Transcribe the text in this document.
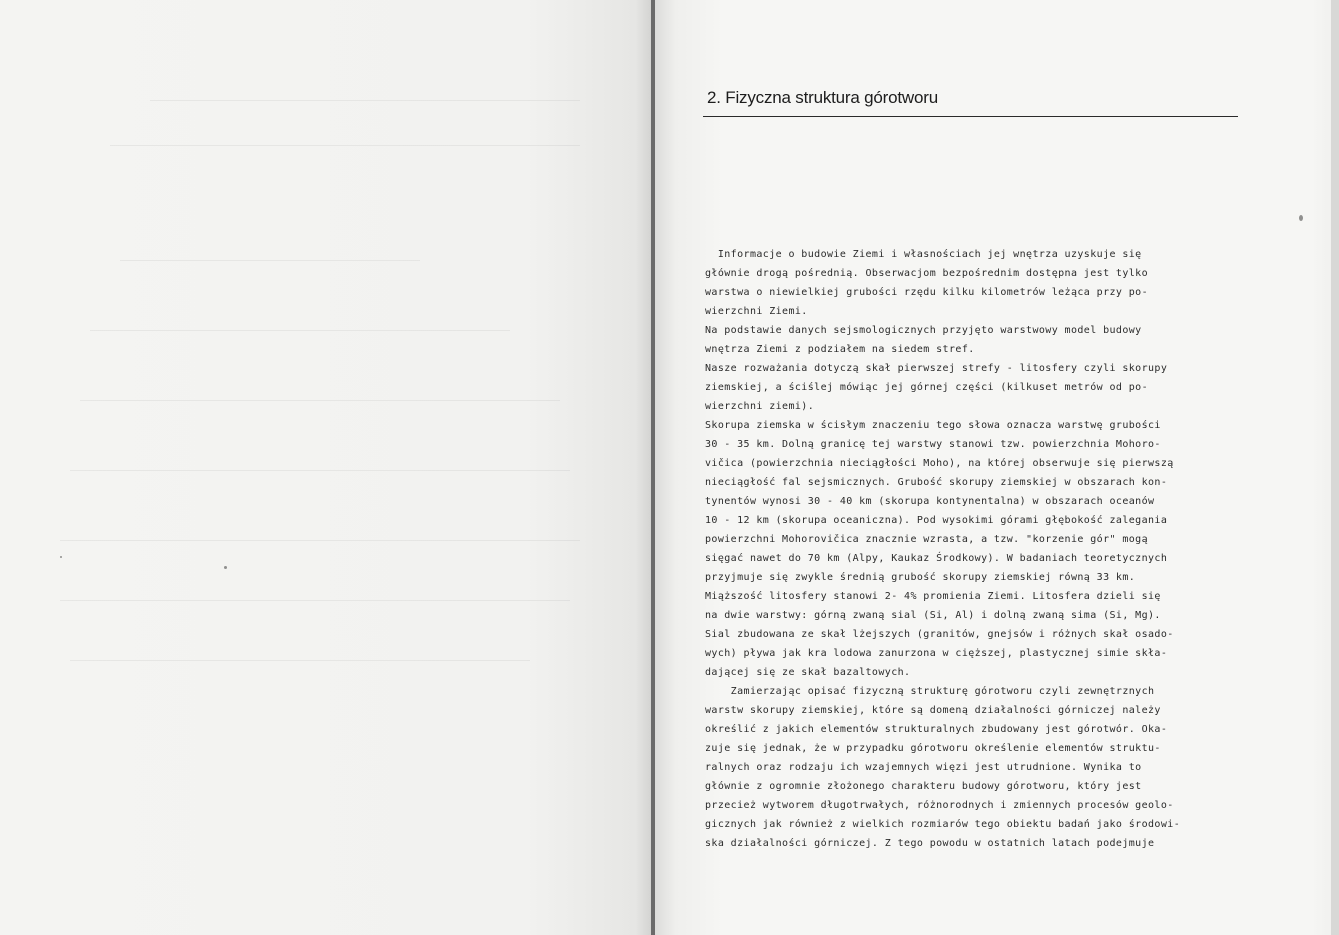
2. Fizyczna struktura górotworu
Informacje o budowie Ziemi i własnościach jej wnętrza uzyskuje się
głównie drogą pośrednią. Obserwacjom bezpośrednim dostępna jest tylko
warstwa o niewielkiej grubości rzędu kilku kilometrów leżąca przy po-
wierzchni Ziemi.
Na podstawie danych sejsmologicznych przyjęto warstwowy model budowy
wnętrza Ziemi z podziałem na siedem stref.
Nasze rozważania dotyczą skał pierwszej strefy - litosfery czyli skorupy
ziemskiej, a ściślej mówiąc jej górnej części (kilkuset metrów od po-
wierzchni ziemi).
Skorupa ziemska w ścisłym znaczeniu tego słowa oznacza warstwę grubości
30 - 35 km. Dolną granicę tej warstwy stanowi tzw. powierzchnia Mohoro-
vičica (powierzchnia nieciągłości Moho), na której obserwuje się pierwszą
nieciągłość fal sejsmicznych. Grubość skorupy ziemskiej w obszarach kon-
tynentów wynosi 30 - 40 km (skorupa kontynentalna) w obszarach oceanów
10 - 12 km (skorupa oceaniczna). Pod wysokimi górami głębokość zalegania
powierzchni Mohorovičica znacznie wzrasta, a tzw. "korzenie gór" mogą
sięgać nawet do 70 km (Alpy, Kaukaz Środkowy). W badaniach teoretycznych
przyjmuje się zwykle średnią grubość skorupy ziemskiej równą 33 km.
Miąższość litosfery stanowi 2- 4% promienia Ziemi. Litosfera dzieli się
na dwie warstwy: górną zwaną sial (Si, Al) i dolną zwaną sima (Si, Mg).
Sial zbudowana ze skał lżejszych (granitów, gnejsów i różnych skał osado-
wych) pływa jak kra lodowa zanurzona w cięższej, plastycznej simie skła-
dającej się ze skał bazaltowych.
Zamierzając opisać fizyczną strukturę górotworu czyli zewnętrznych
warstw skorupy ziemskiej, które są domeną działalności górniczej należy
określić z jakich elementów strukturalnych zbudowany jest górotwór. Oka-
zuje się jednak, że w przypadku górotworu określenie elementów struktu-
ralnych oraz rodzaju ich wzajemnych więzi jest utrudnione. Wynika to
głównie z ogromnie złożonego charakteru budowy górotworu, który jest
przecież wytworem długotrwałych, różnorodnych i zmiennych procesów geolo-
gicznych jak również z wielkich rozmiarów tego obiektu badań jako środowi-
ska działalności górniczej. Z tego powodu w ostatnich latach podejmuje
